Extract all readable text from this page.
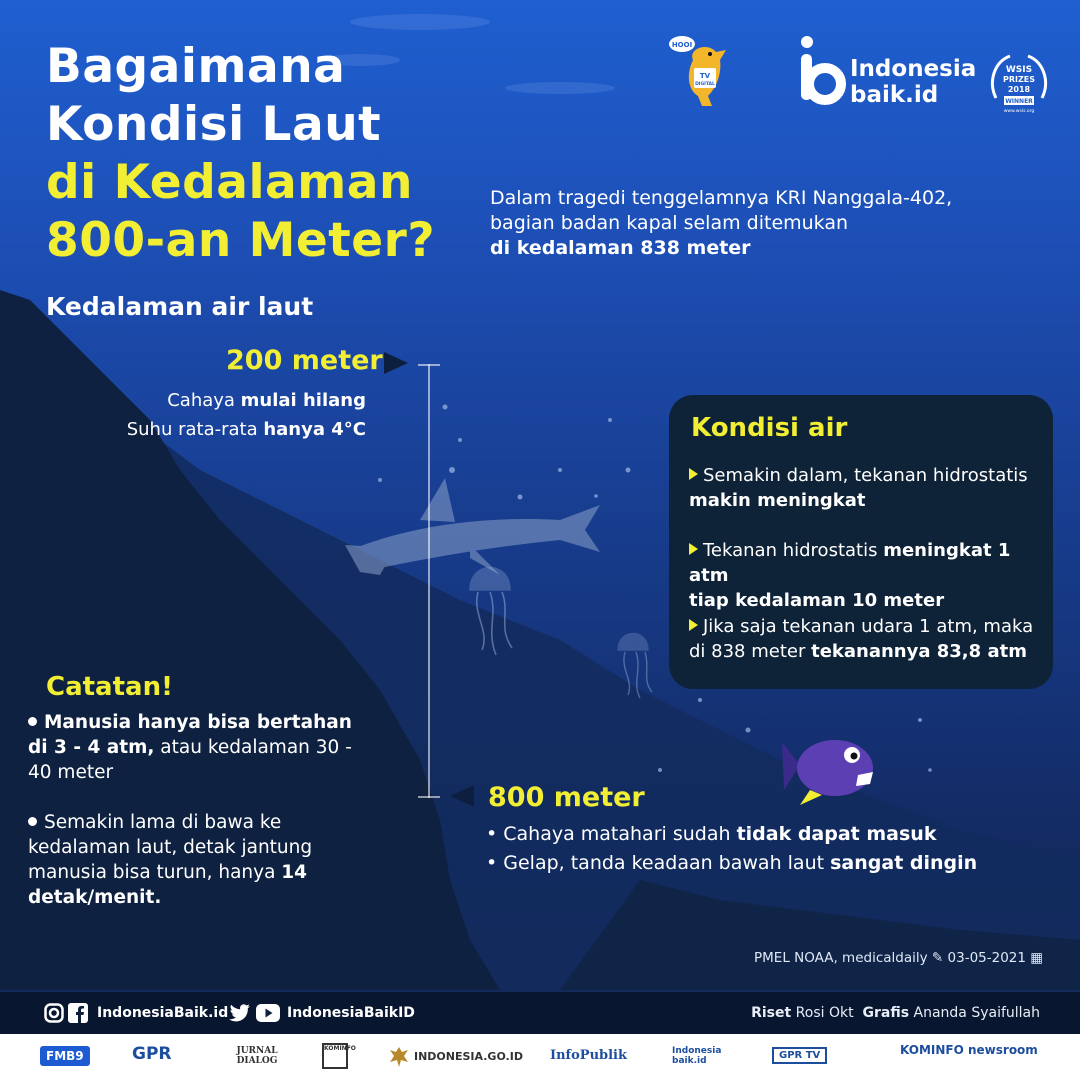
Bagaimana
Kondisi Laut
di Kedalaman
800-an Meter?
HOOI
TV
DIGITAL
Indonesia
baik.id
WSIS
PRIZES
2018
WINNER
www.wsis.org
Dalam tragedi tenggelamnya KRI Nanggala-402,
bagian badan kapal selam ditemukan
di kedalaman 838 meter
Kedalaman air laut
200 meter
Cahaya mulai hilang
Suhu rata-rata hanya 4°C
800 meter
• Cahaya matahari sudah tidak dapat masuk
• Gelap, tanda keadaan bawah laut sangat dingin
Kondisi air
Semakin dalam, tekanan hidrostatis
makin meningkat
Tekanan hidrostatis meningkat 1 atm
tiap kedalaman 10 meter
Jika saja tekanan udara 1 atm, maka
di 838 meter tekanannya 83,8 atm
Catatan!
Manusia hanya bisa bertahan di 3 - 4 atm, atau kedalaman 30 - 40 meter
Semakin lama di bawa ke kedalaman laut, detak jantung manusia bisa turun, hanya 14 detak/menit.
PMEL NOAA, medicaldaily ✎ 03-05-2021 ▦
IndonesiaBaik.id	IndonesiaBaikID	Riset Rosi Okt Grafis Ananda Syaifullah
FMB9	GPR	JURNAL DIALOG
KOMINFO
INDONESIA.GO.ID InfoPublik	Indonesia baik.id	GPR TV	KOMINFO newsroom
